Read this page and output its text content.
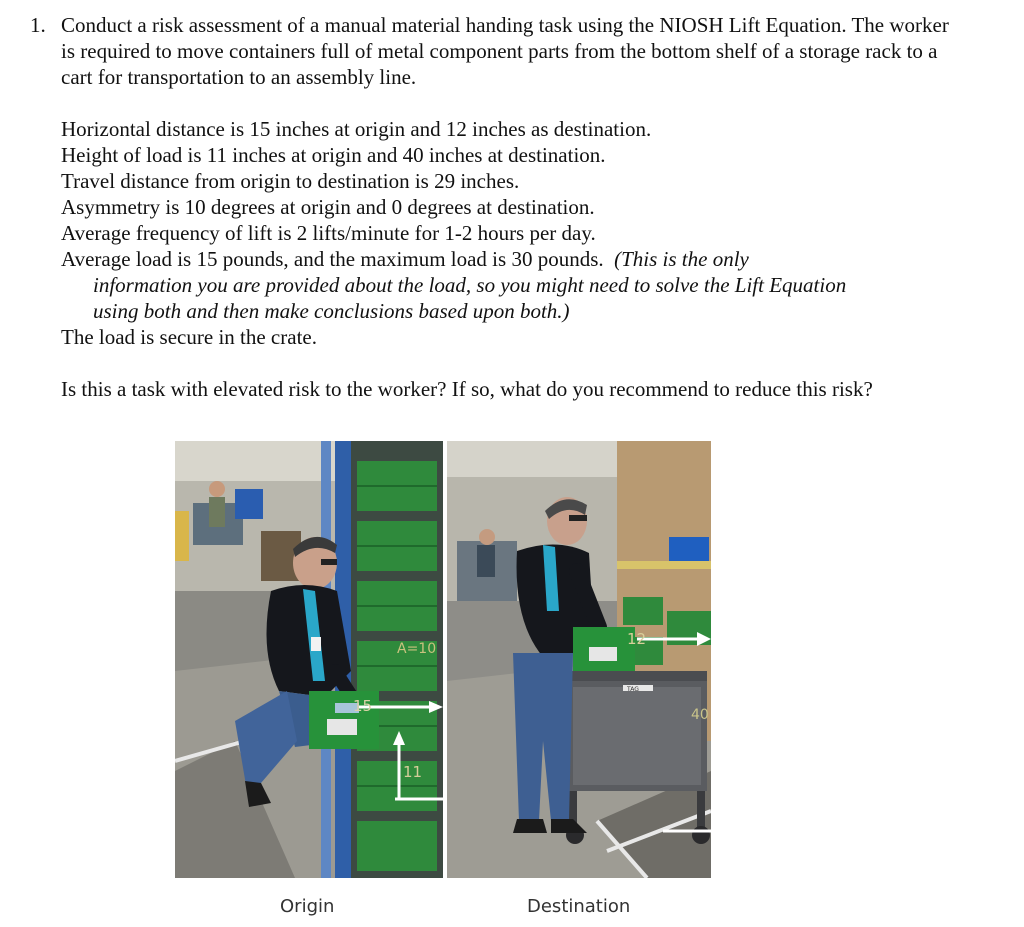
1. Conduct a risk assessment of a manual material handing task using the NIOSH Lift Equation. The worker is required to move containers full of metal component parts from the bottom shelf of a storage rack to a cart for transportation to an assembly line.

Horizontal distance is 15 inches at origin and 12 inches as destination.
Height of load is 11 inches at origin and 40 inches at destination.
Travel distance from origin to destination is 29 inches.
Asymmetry is 10 degrees at origin and 0 degrees at destination.
Average frequency of lift is 2 lifts/minute for 1-2 hours per day.
Average load is 15 pounds, and the maximum load is 30 pounds. (This is the only
information you are provided about the load, so you might need to solve the Lift Equation
using both and then make conclusions based upon both.)
The load is secure in the crate.

Is this a task with elevated risk to the worker? If so, what do you recommend to reduce this risk?

15
11
A=10
TAG
12
40
Origin	Destination
